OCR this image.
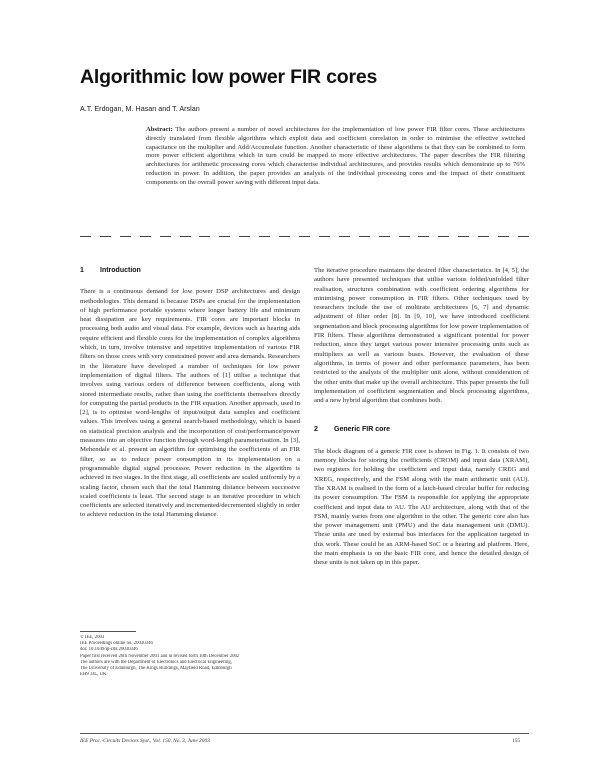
Algorithmic low power FIR cores
A.T. Erdogan, M. Hasan and T. Arslan
Abstract: The authors present a number of novel architectures for the implementation of low power FIR filter cores. These architectures directly translated from flexible algorithms which exploit data and coefficient correlation in order to minimise the effective switched capacitance on the multiplier and Add/Accumulate function. Another characteristic of these algorithms is that they can be combined to form more power efficient algorithms which in turn could be mapped to more effective architectures. The paper describes the FIR filtering architectures for arithmetic processing cores which characterise individual architectures, and provides results which demonstrate up to 76% reduction in power. In addition, the paper provides an analysis of the individual processing cores and the impact of their constituent components on the overall power saving with different input data.
1 Introduction

There is a continuous demand for low power DSP architectures and design methodologies. This demand is because DSPs are crucial for the implementation of high performance portable systems where longer battery life and minimum heat dissipation are key requirements. FIR cores are important blocks in processing both audio and visual data. For example, devices such as hearing aids require efficient and flexible cores for the implementation of complex algorithms which, in turn, involve intensive and repetitive implementation of various FIR filters on those cores with very constrained power and area demands. Researchers in the literature have developed a number of techniques for low power implementation of digital filters. The authors of [1] utilise a technique that involves using various orders of difference between coefficients, along with stored intermediate results, rather than using the coefficients themselves directly for computing the partial products in the FIR equation. Another approach, used in [2], is to optimise word-lengths of input/output data samples and coefficient values. This involves using a general search-based methodology, which is based on statistical precision analysis and the incorporation of cost/performance/power measures into an objective function through word-length parameterisation. In [3], Mehendale et al. present an algorithm for optimising the coefficients of an FIR filter, so as to reduce power consumption in its implementation on a programmable digital signal processor. Power reduction in the algorithm is achieved in two stages. In the first stage, all coefficients are scaled uniformly by a scaling factor, chosen such that the total Hamming distance between successive scaled coefficients is least. The second stage is an iterative procedure in which coefficients are selected iteratively and incremented/decremented slightly in order to achieve reduction in the total Hamming distance.

© IEE, 2003
IEE Proceedings online no. 20030346
doi: 10.1049/ip-cds:20030346
Paper first received 26th November 2001 and in revised form 10th December 2002
The authors are with the Department of Electronics and Electrical Engineering,
The University of Edinburgh, The Kings Buildings, Mayfield Road, Edinburgh
EH9 3JL, UK

The iterative procedure maintains the desired filter characteristics. In [4, 5], the authors have presented techniques that utilise various folded/unfolded filter realisation, structures combination with coefficient ordering algorithms for minimising power consumption in FIR filters. Other techniques used by researchers include the use of multirate architectures [6, 7] and dynamic adjustment of filter order [8]. In [9, 10], we have introduced coefficient segmentation and block processing algorithms for low power implementation of FIR filters. These algorithms demonstrated a significant potential for power reduction, since they target various power intensive processing units such as multipliers as well as various buses. However, the evaluation of these algorithms, in terms of power and other performance parameters, has been restricted to the analysis of the multiplier unit alone, without consideration of the other units that make up the overall architecture. This paper presents the full implementation of coefficient segmentation and block processing algorithms, and a new hybrid algorithm that combines both.

2 Generic FIR core

The block diagram of a generic FIR core is shown in Fig. 1. It consists of two memory blocks for storing the coefficients (CROM) and input data (XRAM), two registers for holding the coefficient and input data, namely CREG and XREG, respectively, and the FSM along with the main arithmetic unit (AU). The XRAM is realised in the form of a latch-based circular buffer for reducing its power consumption. The FSM is responsible for applying the appropriate coefficient and input data to AU. The AU architecture, along with that of the FSM, mainly varies from one algorithm to the other. The generic core also has the power management unit (PMU) and the data management unit (DMU). These units are used by external bus interfaces for the application targeted in this work. These could be an ARM-based SoC or a hearing aid platform. Here, the main emphasis is on the basic FIR core, and hence the detailed design of these units is not taken up in this paper.

IEE Proc.-Circuits Devices Syst., Vol. 150, No. 3, June 2003	155
